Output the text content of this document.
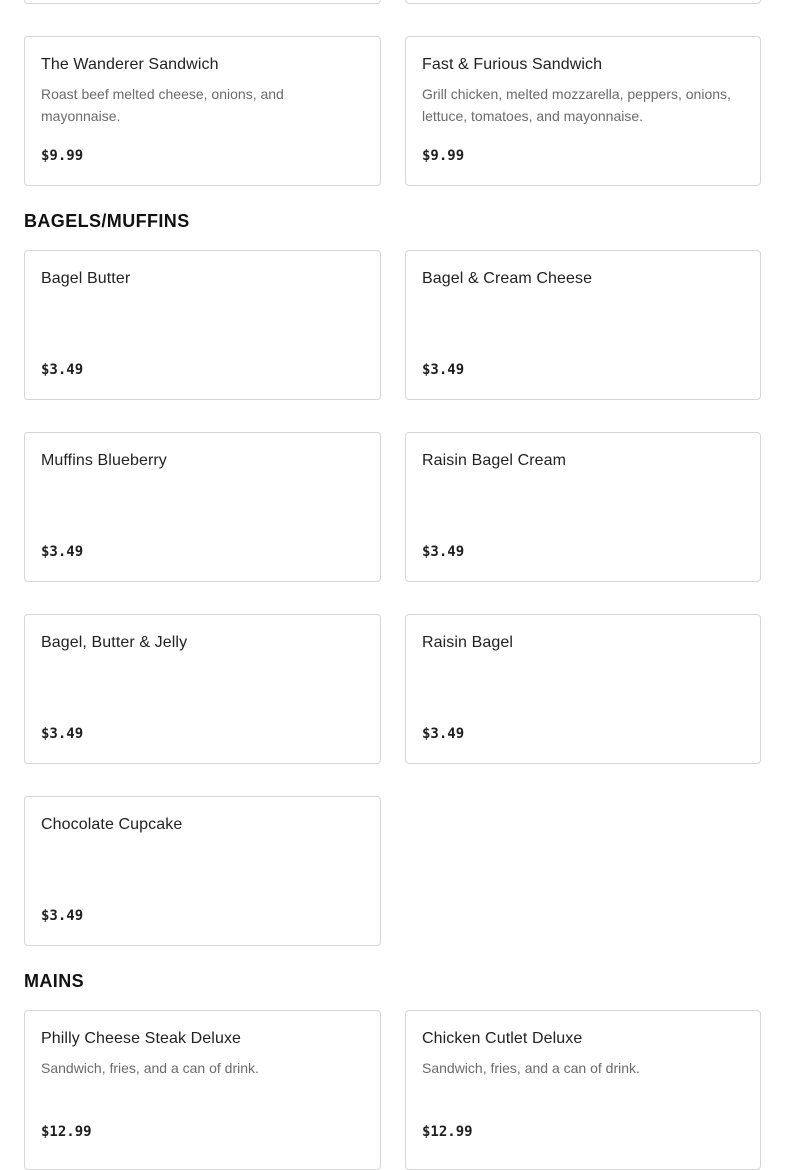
The Wanderer Sandwich
Roast beef melted cheese, onions, and mayonnaise.
$9.99
Fast & Furious Sandwich
Grill chicken, melted mozzarella, peppers, onions, lettuce, tomatoes, and mayonnaise.
$9.99
BAGELS/MUFFINS
Bagel Butter
$3.49
Bagel & Cream Cheese
$3.49
Muffins Blueberry
$3.49
Raisin Bagel Cream
$3.49
Bagel, Butter & Jelly
$3.49
Raisin Bagel
$3.49
Chocolate Cupcake
$3.49
MAINS
Philly Cheese Steak Deluxe
Sandwich, fries, and a can of drink.
$12.99
Chicken Cutlet Deluxe
Sandwich, fries, and a can of drink.
$12.99
